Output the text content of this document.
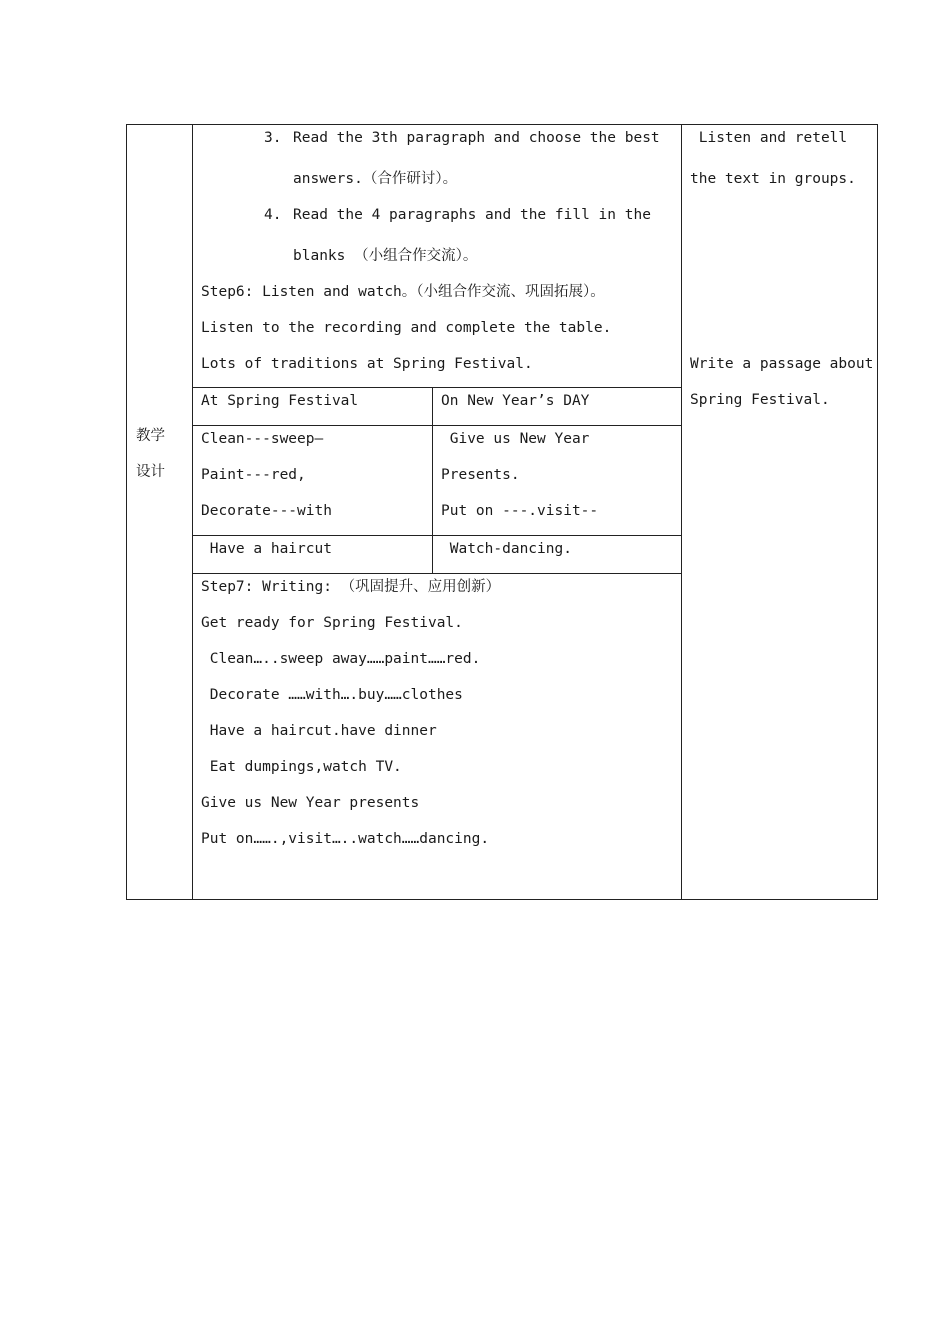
教学
设计
3. Read the 3th paragraph and choose the best
answers.（合作研讨）。
4. Read the 4 paragraphs and the fill in the
blanks （小组合作交流）。
Step6: Listen and watch。（小组合作交流、巩固拓展）。
Listen to the recording and complete the table.
Lots of traditions at Spring Festival.
At Spring Festival	On New Year’s DAY
Clean---sweep—
Paint---red,
Decorate---with
Give us New Year
Presents.
Put on ---.visit--
Have a haircut	Watch-dancing.
Step7: Writing: （巩固提升、应用创新）
Get ready for Spring Festival.
Clean…..sweep away……paint……red.
Decorate ……with….buy……clothes
Have a haircut.have dinner
Eat dumpings,watch TV.
Give us New Year presents
Put on…….,visit…..watch……dancing.
Listen and retell
the text in groups.
Write a passage about
Spring Festival.
